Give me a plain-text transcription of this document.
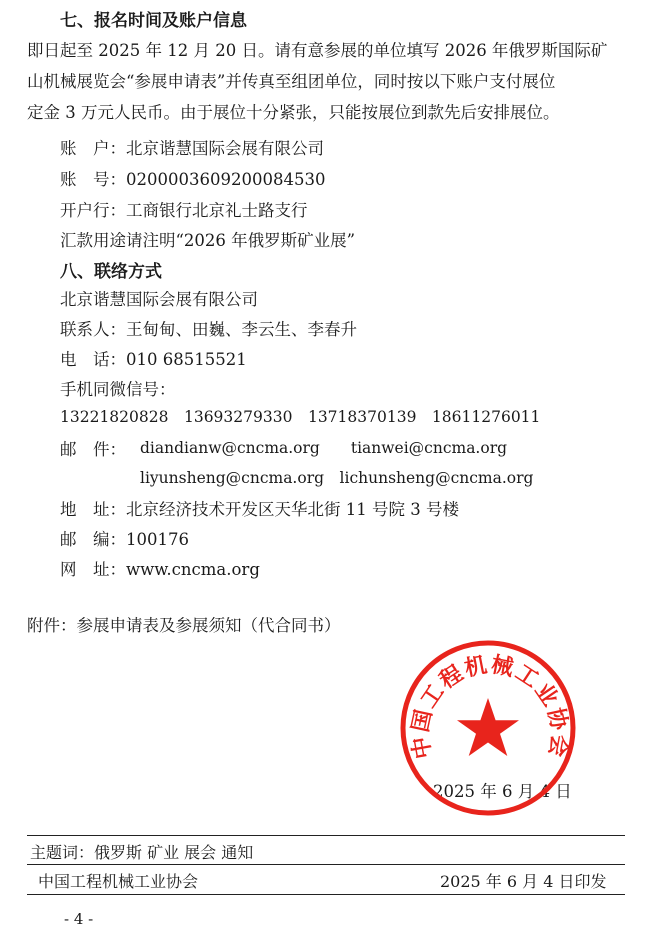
七、报名时间及账户信息
即日起至 2025 年 12 月 20 日。请有意参展的单位填写 2026 年俄罗斯国际矿
山机械展览会“参展申请表”并传真至组团单位，同时按以下账户支付展位
定金 3 万元人民币。由于展位十分紧张，只能按展位到款先后安排展位。
账　户：北京谐慧国际会展有限公司
账　号：0200003609200084530
开户行：工商银行北京礼士路支行
汇款用途请注明“2026 年俄罗斯矿业展”
八、联络方式
北京谐慧国际会展有限公司
联系人：王甸甸、田巍、李云生、李春升
电　话：010 68515521
手机同微信号：
13221820828　13693279330　13718370139　18611276011
邮　件： diandianw@cncma.org　　tianwei@cncma.org
liyunsheng@cncma.org　lichunsheng@cncma.org
地　址：北京经济技术开发区天华北街 11 号院 3 号楼
邮　编：100176
网　址：www.cncma.org
附件：参展申请表及参展须知（代合同书）
2025 年 6 月 4 日
中国工程机械工业协会
主题词：俄罗斯 矿业 展会 通知
中国工程机械工业协会	2025 年 6 月 4 日印发
- 4 -
